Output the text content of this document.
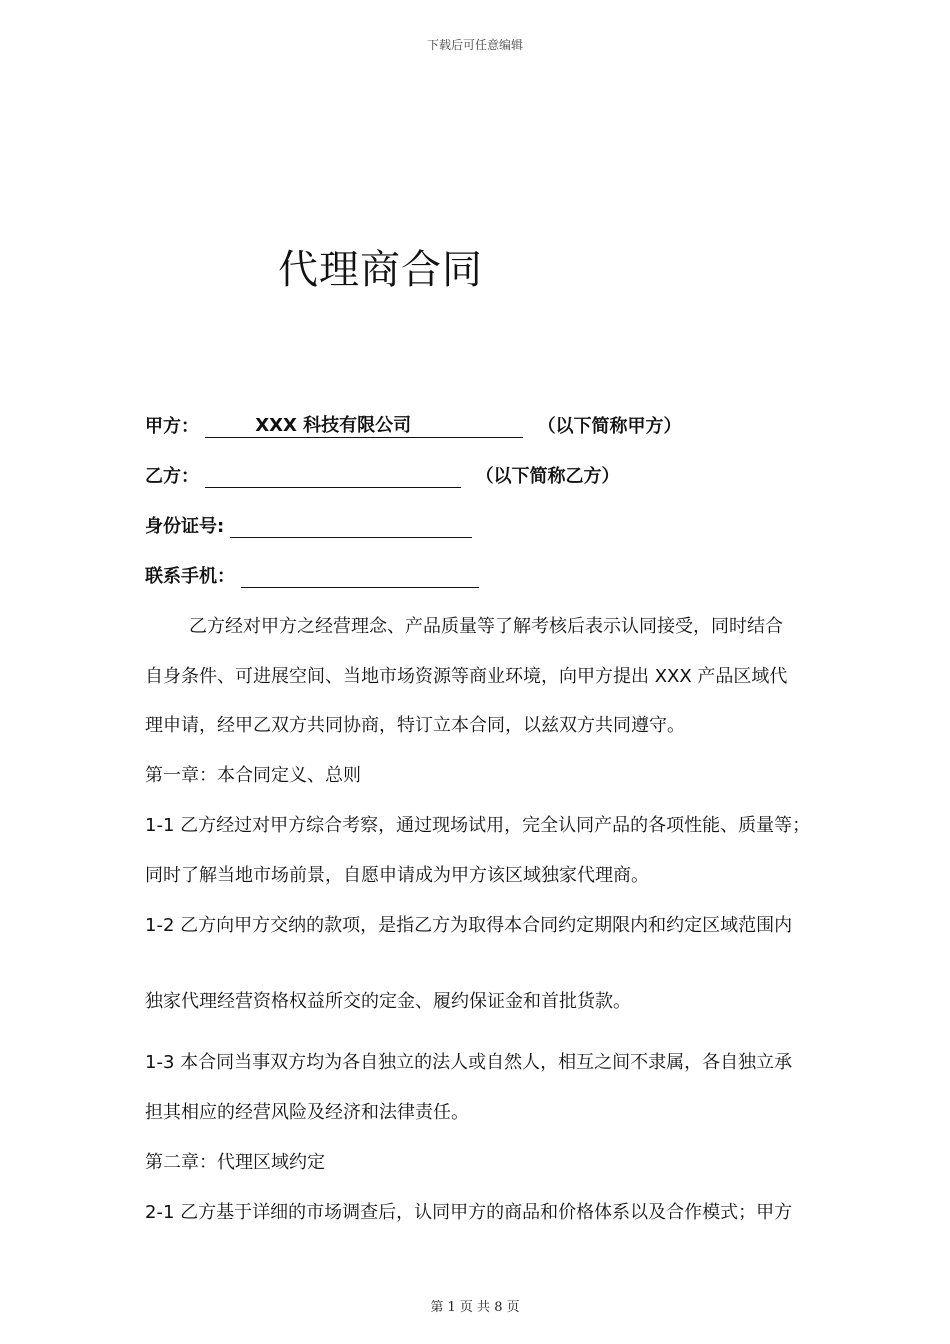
下载后可任意编辑
代理商合同
甲方：	XXX 科技有限公司	（以下简称甲方）
乙方：	（以下简称乙方）
身份证号:
联系手机：
乙方经对甲方之经营理念、产品质量等了解考核后表示认同接受，同时结合
自身条件、可进展空间、当地市场资源等商业环境，向甲方提出 XXX 产品区域代
理申请，经甲乙双方共同协商，特订立本合同，以兹双方共同遵守。
第一章：本合同定义、总则
1-1 乙方经过对甲方综合考察，通过现场试用，完全认同产品的各项性能、质量等；
同时了解当地市场前景，自愿申请成为甲方该区域独家代理商。
1-2 乙方向甲方交纳的款项，是指乙方为取得本合同约定期限内和约定区域范围内
独家代理经营资格权益所交的定金、履约保证金和首批货款。
1-3 本合同当事双方均为各自独立的法人或自然人，相互之间不隶属，各自独立承
担其相应的经营风险及经济和法律责任。
第二章：代理区域约定
2-1 乙方基于详细的市场调查后，认同甲方的商品和价格体系以及合作模式；甲方
第 1 页 共 8 页
